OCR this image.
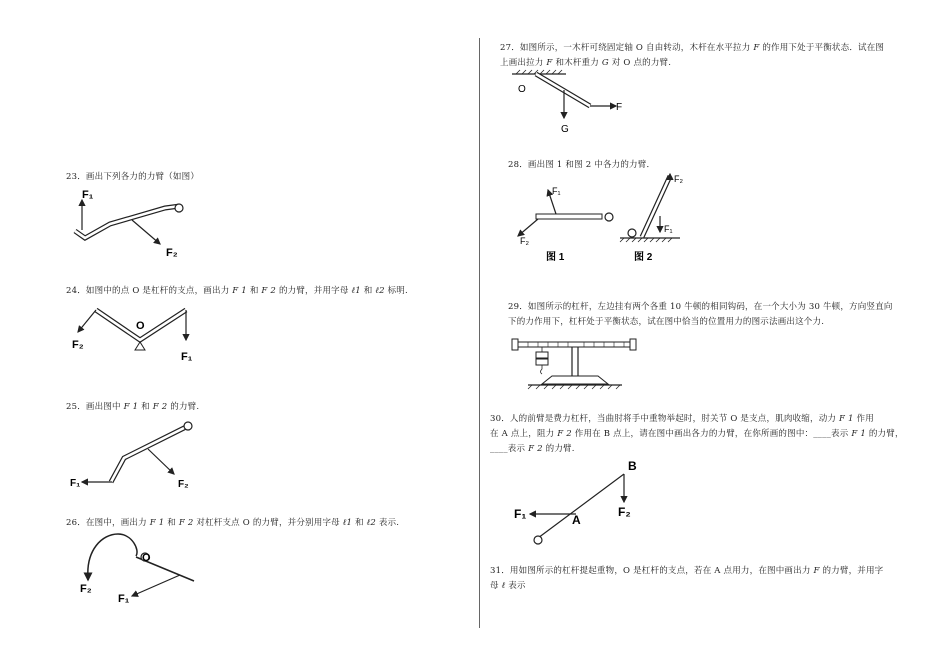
23．画出下列各力的力臂（如图）
F₁
F₂
24．如图中的点 O 是杠杆的支点，画出力 F 1 和 F 2 的力臂，并用字母 ℓ1 和 ℓ2 标明.
O
F₂
F₁
25．画出图中 F 1 和 F 2 的力臂.
F₁	F₂
26．在图中，画出力 F 1 和 F 2 对杠杆支点 O 的力臂，并分别用字母 ℓ1 和 ℓ2 表示.
O
F₂
F₁
27．如图所示，一木杆可绕固定轴 O 自由转动，木杆在水平拉力 F 的作用下处于平衡状态．试在图
上画出拉力 F 和木杆重力 G 对 O 点的力臂.
O
F
G
28．画出图 1 和图 2 中各力的力臂．
F₁
F₂
图 1
F₂
F₁
图 2
29．如图所示的杠杆，左边挂有两个各重 10 牛顿的相同钩码，在一个大小为 30 牛顿，方向竖直向
下的力作用下，杠杆处于平衡状态，试在图中恰当的位置用力的图示法画出这个力.
30．人的前臂是费力杠杆，当曲肘将手中重物举起时，肘关节 O 是支点，肌肉收缩，动力 F 1 作用
在 A 点上，阻力 F 2 作用在 B 点上，请在图中画出各力的力臂，在你所画的图中：____表示 F 1 的力臂，
____表示 F 2 的力臂.
B
A
F₁	F₂
31．用如图所示的杠杆提起重物，O 是杠杆的支点，若在 A 点用力，在图中画出力 F 的力臂，并用字
母 ℓ 表示
